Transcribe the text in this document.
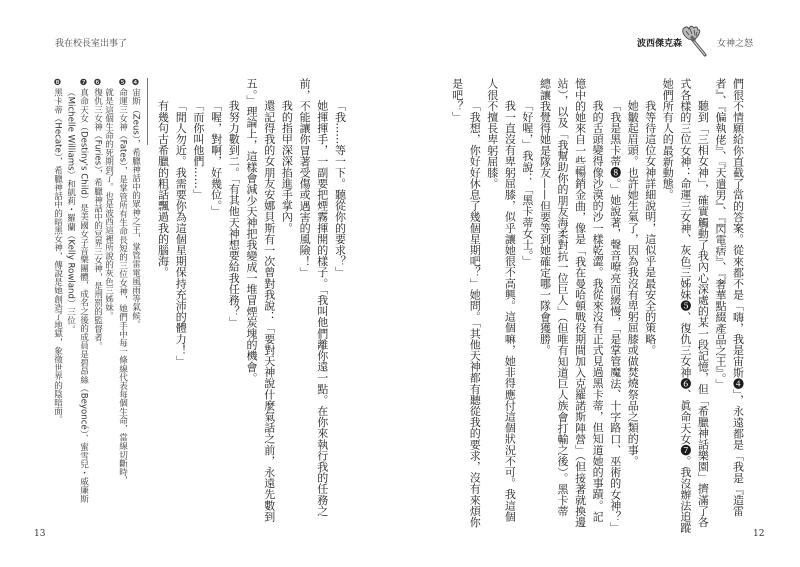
我在校長室出事了	波西傑克森	女神之怒
們很不情願給你直截了當的答案。從來都不是「嗨，我是宙斯❹」，永遠都是「我是『造雷
者』、『偏執佬』、『天遣男』、『閃電痞』、『奢華點綴產品之王』。」
聽到「三相女神」，確實觸動了我內心深處的某一段記憶，但「希臘神話樂園」擠滿了各
式各樣的三位女神：命運三女神、灰色三姊妹❺、復仇三女神❻、眞命天女❼。我沒辦法追蹤
她們所有人的最新動態。
我等待這位女神詳細說明，這似乎是最安全的策略。
她皺起眉頭。也許她生氣了，因為我沒有卑躬屈膝或做焚燒祭品之類的事。
「我是黑卡蒂❽。」她說著，聲音嘹亮而緩慢，「是掌管魔法、十字路口、巫術的女神？」
我的舌頭變得像沙漠的沙一樣乾澀。我從來沒有正式見過黑卡蒂，但知道她的事蹟。記
憶中的她來自一些暢銷金曲，像是「我在曼哈頓戰役期間加入克羅諾斯陣營」（但接著就換邊
站），以及「我幫助你的朋友海柔對抗一位巨人」（但唯有知道巨人族會打輸之後）。黑卡蒂
總讓我覺得她是隊友——但要等到她確定哪一隊會獲勝。
「好喔，」我說：「黑卡蒂女士。」
我一直沒有卑躬屈膝，似乎讓她很不高興。這個嘛，她非得應付這個狀況不可。我這個
人很不擅長卑躬屈膝。
「我想，你好好休息了幾個星期吧？」她問。「其他天神都有聽從我的要求，沒有來煩你
是吧？」
「我……等一下。聽從你的要求？」
她揮揮手，一副要把煙霧揮開的樣子。「我叫他們離你遠一點。在你來執行我的任務之
前，不能讓你冒著受傷或遇害的風險！」
我的指甲深深掐進手掌內。
還記得我的女朋友安娜貝斯有一次曾對我說：「要對天神說什麼氣話之前，永遠先數到
五。」理論上，這樣會減少天神把我變成一堆冒煙炭塊的機會。
我努力數到二。「有其他天神想要給我任務？」
「喔，對啊，好幾位。」
「而你叫他們……」
「閒人勿近。我需要你為這個星期保持充沛的體力！」
有幾句古希臘的粗話飄過我的腦海。
❹宙斯（Zeus），希臘神話中的眾神之王，掌管雷電風雨等氣候。
❺命運三女神（Fates），是掌管所有生命長短的三位女神，她們手中每一條線代表每個生命，當線切斷時，
就是這個生命的死期到了。也是波西這裡所說的灰色三姊妹。
❻復仇三女神（Furies），希臘神話中的冥界三女神，是刑罰的監督者。
❼真命天女（Destiny's Child）是美國女子音樂團體，成名之後的成員是碧昂絲（Beyoncé）、蜜雪兒・威廉斯
（Michelle Williams）和凱莉・羅蘭（Kelly Rowland）三位。
❽黑卡蒂（Hecate），希臘神話中的暗黑女神，傳說是她創造了地獄，象徵世界的陰暗面。
13	12
